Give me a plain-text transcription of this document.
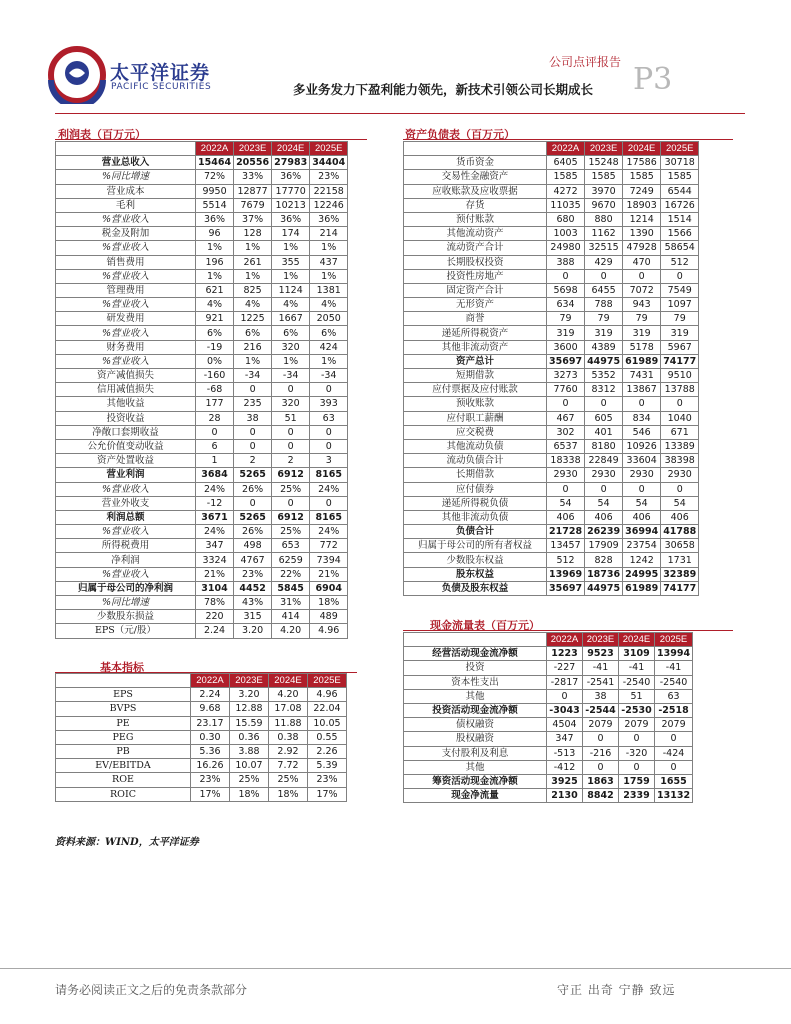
太平洋证券
PACIFIC SECURITIES
公司点评报告 P3
多业务发力下盈利能力领先，新技术引领公司长期成长
利润表（百万元）	资产负债表（百万元）
现金流量表（百万元）
基本指标
	2022A	2023E	2024E	2025E
营业总收入	15464	20556	27983	34404
%同比增速	72%	33%	36%	23%
营业成本	9950	12877	17770	22158
毛利	5514	7679	10213	12246
%营业收入	36%	37%	36%	36%
税金及附加	96	128	174	214
%营业收入	1%	1%	1%	1%
销售费用	196	261	355	437
%营业收入	1%	1%	1%	1%
管理费用	621	825	1124	1381
%营业收入	4%	4%	4%	4%
研发费用	921	1225	1667	2050
%营业收入	6%	6%	6%	6%
财务费用	-19	216	320	424
%营业收入	0%	1%	1%	1%
资产减值损失	-160	-34	-34	-34
信用减值损失	-68	0	0	0
其他收益	177	235	320	393
投资收益	28	38	51	63
净敞口套期收益	0	0	0	0
公允价值变动收益	6	0	0	0
资产处置收益	1	2	2	3
营业利润	3684	5265	6912	8165
%营业收入	24%	26%	25%	24%
营业外收支	-12	0	0	0
利润总额	3671	5265	6912	8165
%营业收入	24%	26%	25%	24%
所得税费用	347	498	653	772
净利润	3324	4767	6259	7394
%营业收入	21%	23%	22%	21%
归属于母公司的净利润	3104	4452	5845	6904
%同比增速	78%	43%	31%	18%
少数股东损益	220	315	414	489
EPS（元/股）	2.24	3.20	4.20	4.96
	2022A	2023E	2024E	2025E
货币资金	6405	15248	17586	30718
交易性金融资产	1585	1585	1585	1585
应收账款及应收票据	4272	3970	7249	6544
存货	11035	9670	18903	16726
预付账款	680	880	1214	1514
其他流动资产	1003	1162	1390	1566
流动资产合计	24980	32515	47928	58654
长期股权投资	388	429	470	512
投资性房地产	0	0	0	0
固定资产合计	5698	6455	7072	7549
无形资产	634	788	943	1097
商誉	79	79	79	79
递延所得税资产	319	319	319	319
其他非流动资产	3600	4389	5178	5967
资产总计	35697	44975	61989	74177
短期借款	3273	5352	7431	9510
应付票据及应付账款	7760	8312	13867	13788
预收账款	0	0	0	0
应付职工薪酬	467	605	834	1040
应交税费	302	401	546	671
其他流动负债	6537	8180	10926	13389
流动负债合计	18338	22849	33604	38398
长期借款	2930	2930	2930	2930
应付债券	0	0	0	0
递延所得税负债	54	54	54	54
其他非流动负债	406	406	406	406
负债合计	21728	26239	36994	41788
归属于母公司的所有者权益	13457	17909	23754	30658
少数股东权益	512	828	1242	1731
股东权益	13969	18736	24995	32389
负债及股东权益	35697	44975	61989	74177
	2022A	2023E	2024E	2025E
经营活动现金流净额	1223	9523	3109	13994
投资	-227	-41	-41	-41
资本性支出	-2817	-2541	-2540	-2540
其他	0	38	51	63
投资活动现金流净额	-3043	-2544	-2530	-2518
债权融资	4504	2079	2079	2079
股权融资	347	0	0	0
支付股利及利息	-513	-216	-320	-424
其他	-412	0	0	0
筹资活动现金流净额	3925	1863	1759	1655
现金净流量	2130	8842	2339	13132
	2022A	2023E	2024E	2025E
EPS	2.24	3.20	4.20	4.96
BVPS	9.68	12.88	17.08	22.04
PE	23.17	15.59	11.88	10.05
PEG	0.30	0.36	0.38	0.55
PB	5.36	3.88	2.92	2.26
EV/EBITDA	16.26	10.07	7.72	5.39
ROE	23%	25%	25%	23%
ROIC	17%	18%	18%	17%
资料来源：WIND，太平洋证券
请务必阅读正文之后的免责条款部分	守正 出奇 宁静 致远
